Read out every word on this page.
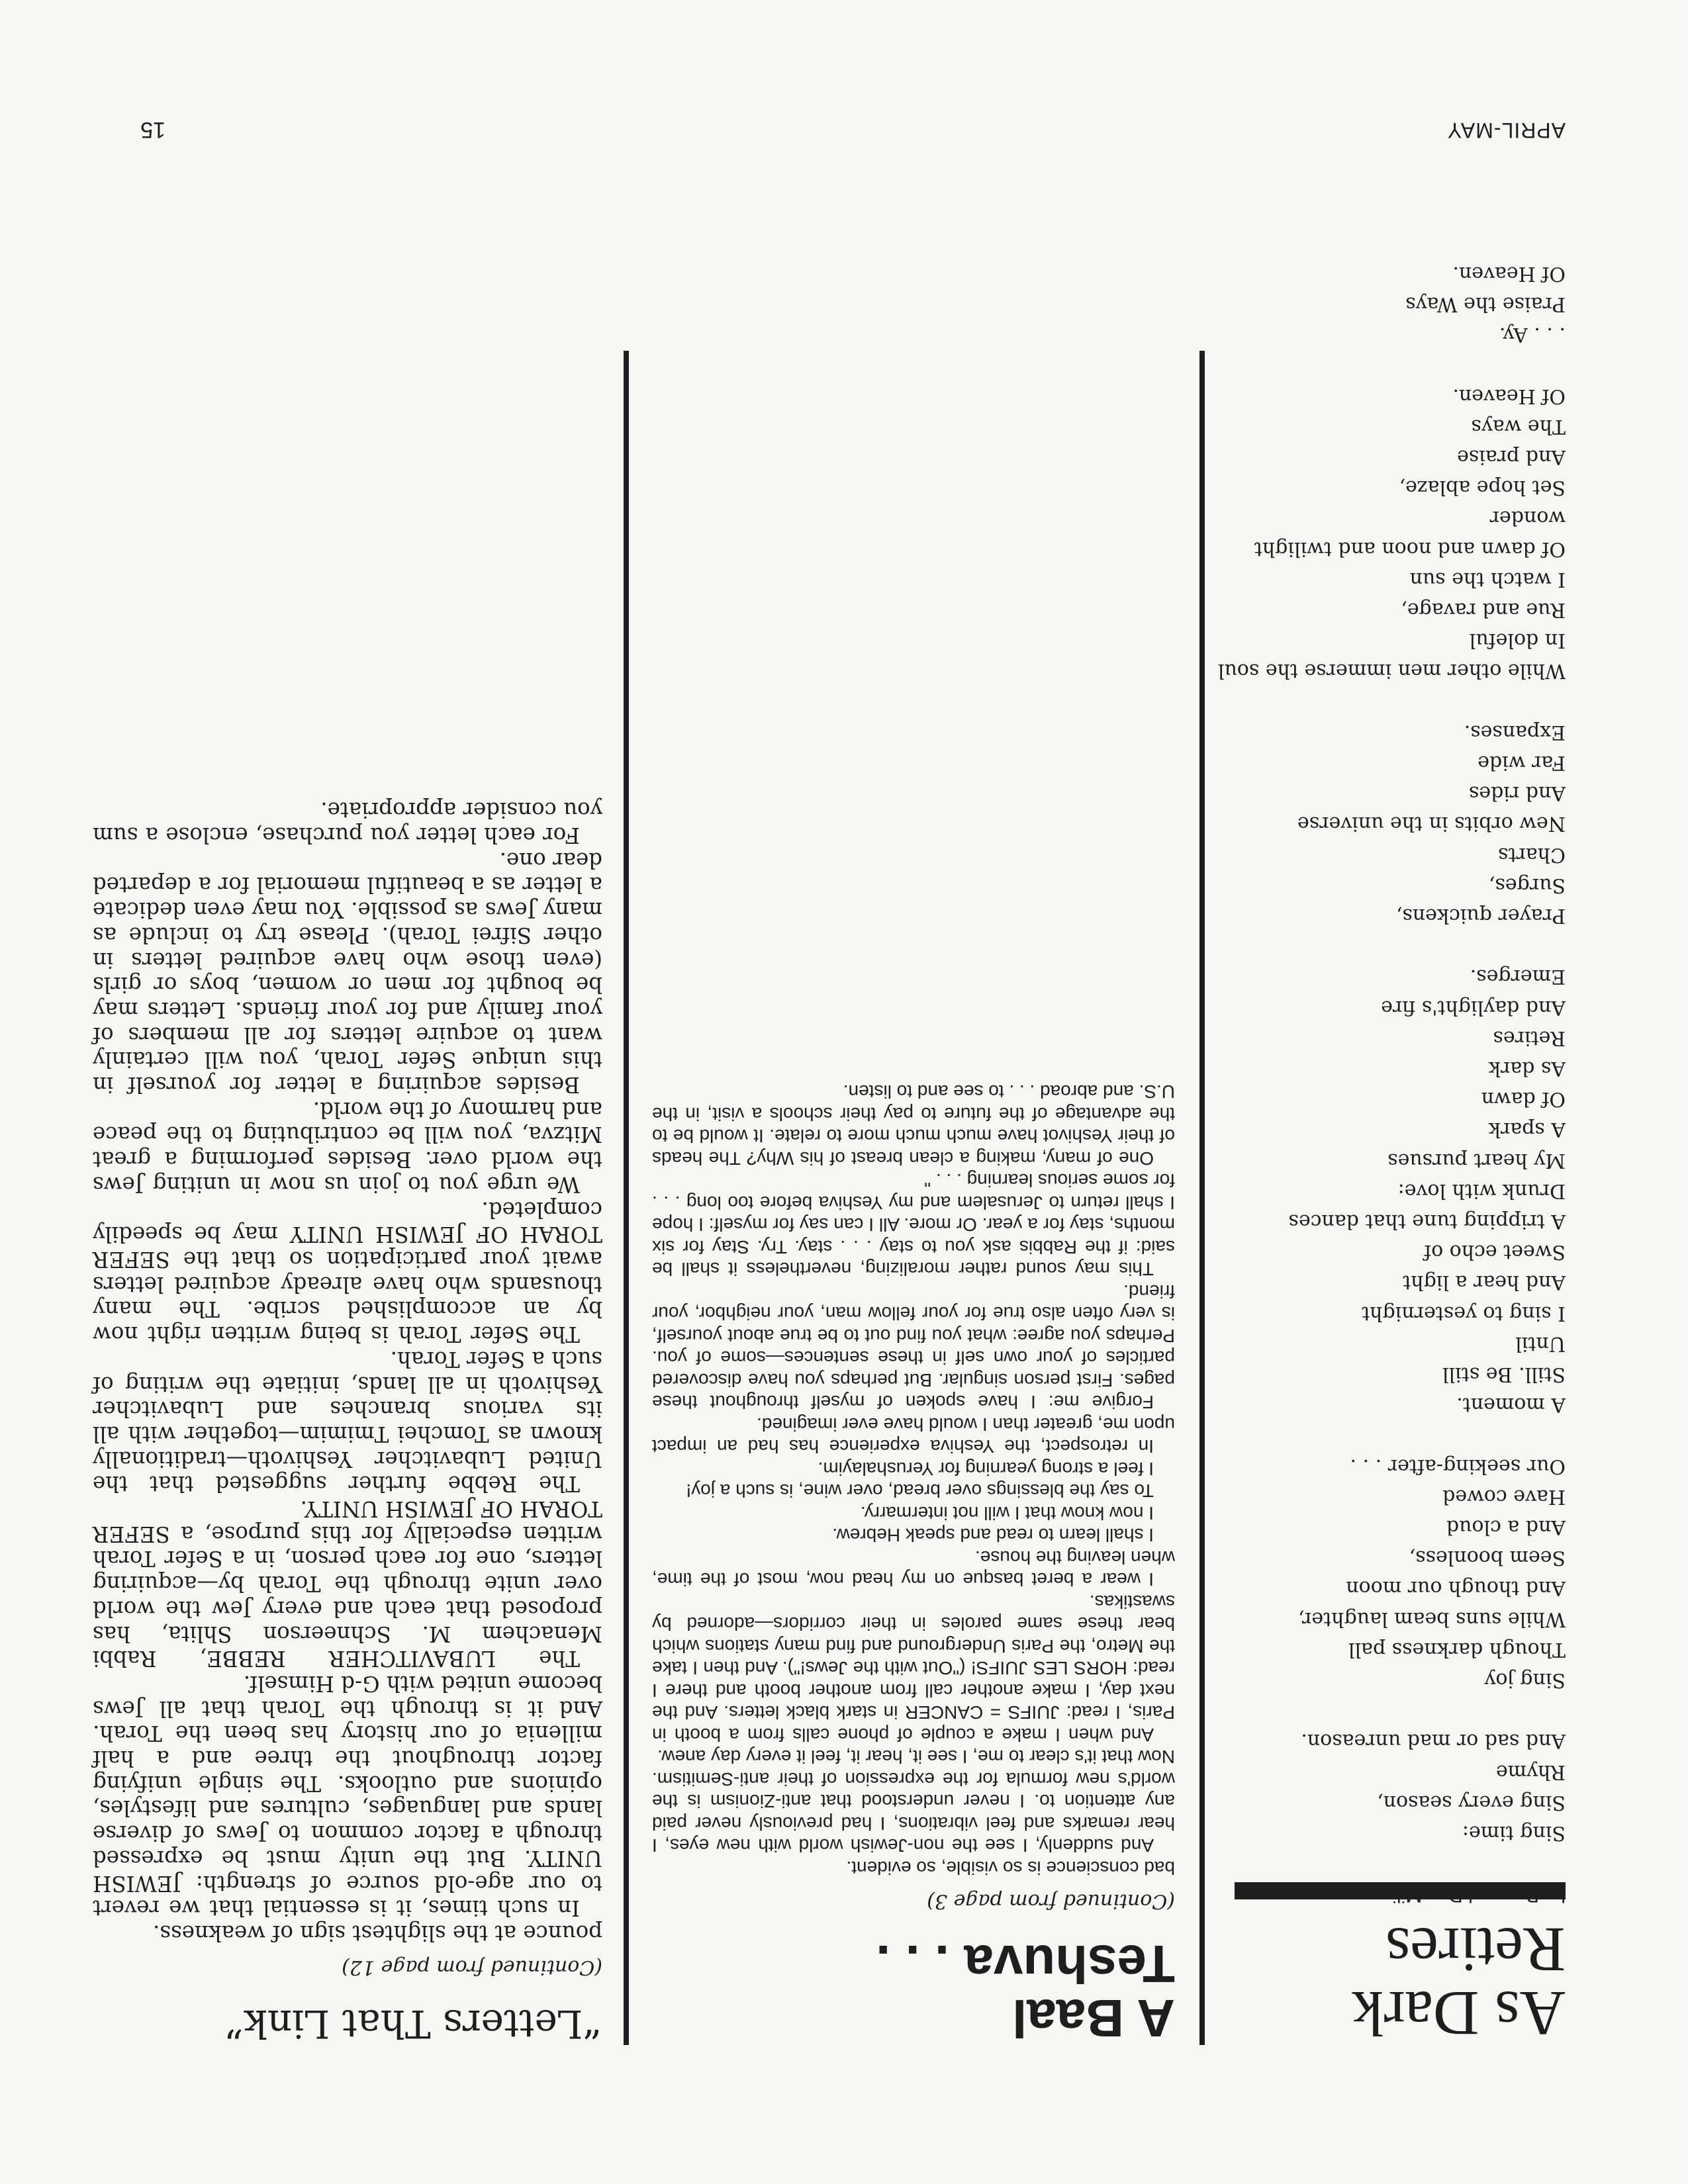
As Dark
Retires
Sing time:
Sing every season,
Rhyme
And sad or mad unreason.
Sing joy
Though darkness pall
While suns beam laughter,
And though our moon
Seem boonless,
And a cloud
Have cowed
Our seeking-after . . .
A moment.
Still. Be still
Until
I sing to yesternight
And hear a light
Sweet echo of
A tripping tune that dances
Drunk with love:
My heart pursues
A spark
Of dawn
As dark
Retires
And daylight's fire
Emerges.
Prayer quickens,
Surges,
Charts
New orbits in the universe
And rides
Far wide
Expanses.
While other men immerse the soul
In doleful
Rue and ravage,
I watch the sun
Of dawn and noon and twilight
wonder
Set hope ablaze,
And praise
The ways
Of Heaven.
. . . Ay.
Praise the Ways
Of Heaven.
A Baal
Teshuva . . .
(Continued from page 3)

bad conscience is so visible, so evident.

And suddenly, I see the non-Jewish world with new eyes, I hear remarks and feel vibrations, I had previously never paid any attention to. I never understood that anti-Zionism is the world's new formula for the expression of their anti-Semitism. Now that it's clear to me, I see it, hear it, feel it every day anew.

And when I make a couple of phone calls from a booth in Paris, I read: JUIFS = CANCER in stark black letters. And the next day, I make another call from another booth and there I read: HORS LES JUIFS! ("Out with the Jews!"). And then I take the Metro, the Paris Underground and find many stations which bear these same paroles in their corridors—adorned by swastikas.

I wear a beret basque on my head now, most of the time, when leaving the house.

I shall learn to read and speak Hebrew.

I now know that I will not intermarry.

To say the blessings over bread, over wine, is such a joy!

I feel a strong yearning for Yerushalayim.

In retrospect, the Yeshiva experience has had an impact upon me, greater than I would have ever imagined.

Forgive me: I have spoken of myself throughout these pages. First person singular. But perhaps you have discovered particles of your own self in these sentences—some of you. Perhaps you agree: what you find out to be true about yourself, is very often also true for your fellow man, your neighbor, your friend.

This may sound rather moralizing, nevertheless it shall be said: if the Rabbis ask you to stay . . . stay. Try. Stay for six months, stay for a year. Or more. All I can say for myself: I hope I shall return to Jerusalem and my Yeshiva before too long . . . for some serious learning . . . "

One of many, making a clean breast of his Why? The heads of their Yeshivot have much much more to relate. It would be to the advantage of the future to pay their schools a visit, in the U.S. and abroad . . . to see and to listen.

“Letters That Link”
(Continued from page 12)

pounce at the slightest sign of weakness.

In such times, it is essential that we revert to our age-old source of strength: JEWISH UNITY. But the unity must be expressed through a factor common to Jews of diverse lands and languages, cultures and lifestyles, opinions and outlooks. The single unifying factor throughout the three and a half millenia of our history has been the Torah. And it is through the Torah that all Jews become united with G-d Himself.

The LUBAVITCHER REBBE, Rabbi Menachem M. Schneerson Shlita, has proposed that each and every Jew the world over unite through the Torah by—acquiring letters, one for each person, in a Sefer Torah written especially for this purpose, a SEFER TORAH OF JEWISH UNITY.

The Rebbe further suggested that the United Lubavitcher Yeshivoth—traditionally known as Tomchei Tmimim—together with all its various branches and Lubavitcher Yeshivoth in all lands, initiate the writing of such a Sefer Torah.

The Sefer Torah is being written right now by an accomplished scribe. The many thousands who have already acquired letters await your participation so that the SEFER TORAH OF JEWISH UNITY may be speedily completed.

We urge you to join us now in uniting Jews the world over. Besides performing a great Mitzva, you will be contributing to the peace and harmony of the world.

Besides acquiring a letter for yourself in this unique Sefer Torah, you will certainly want to acquire letters for all members of your family and for your friends. Letters may be bought for men or women, boys or girls (even those who have acquired letters in other Sifrei Torah). Please try to include as many Jews as possible. You may even dedicate a letter as a beautiful memorial for a departed dear one.

For each letter you purchase, enclose a sum you consider appropriate.

15	APRIL-MAY
